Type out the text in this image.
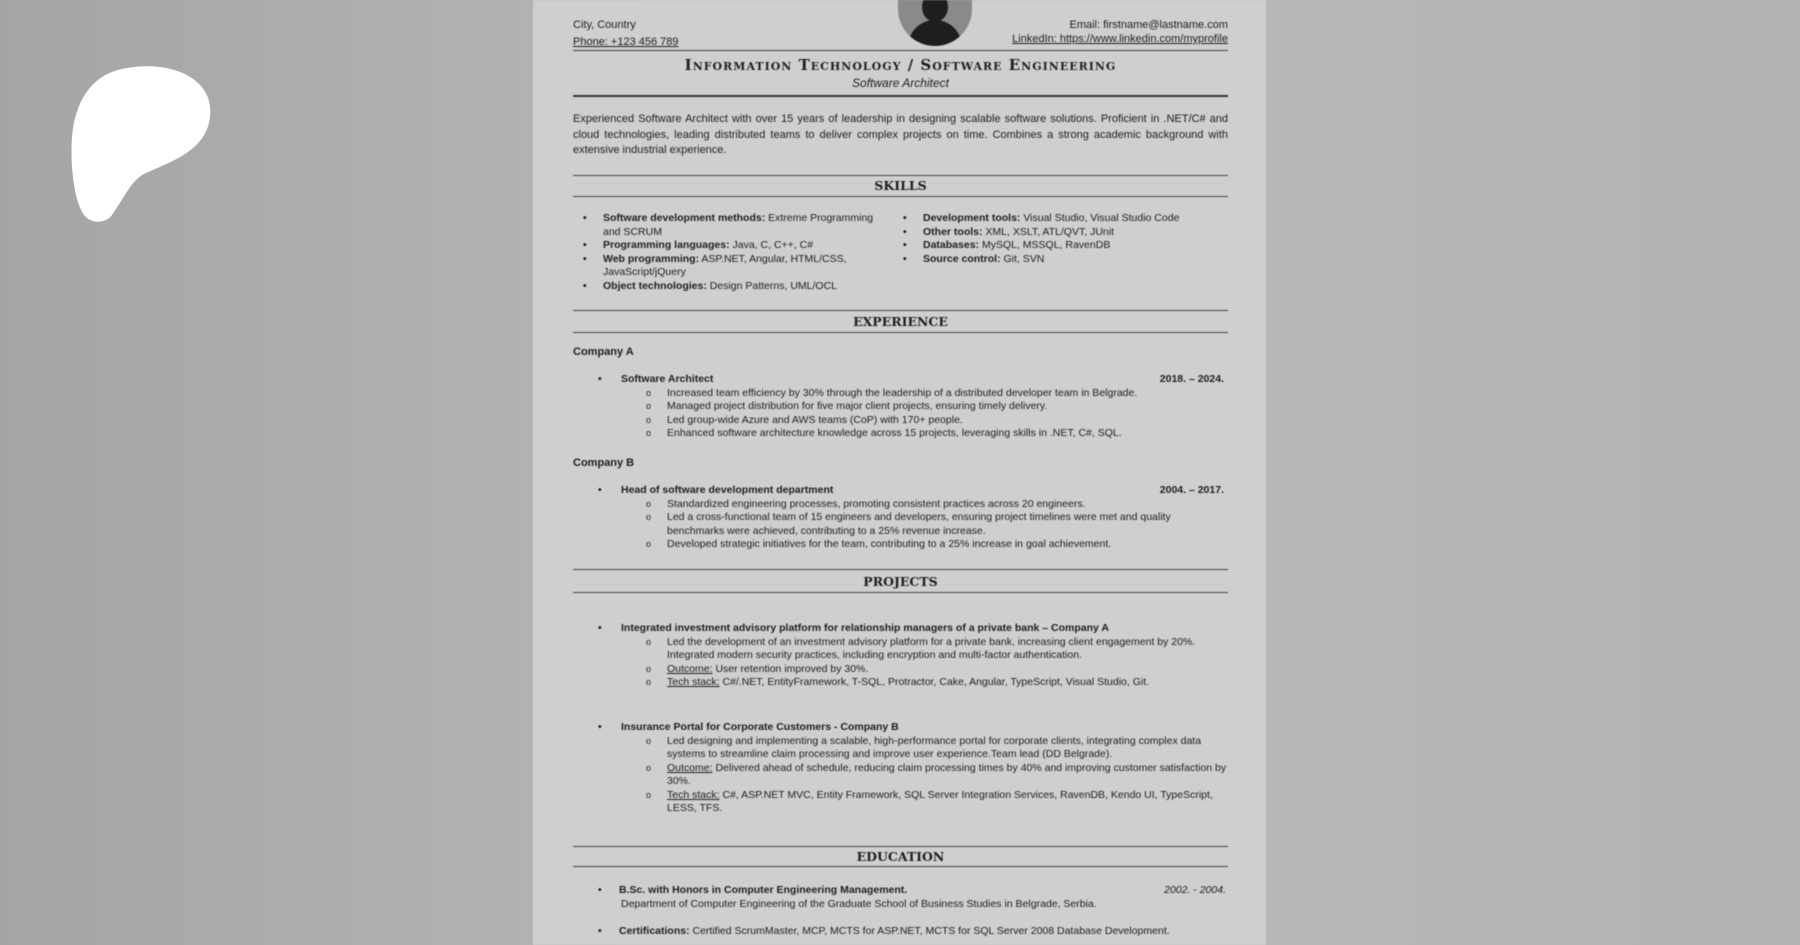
City, Country
Phone: +123 456 789
Email: firstname@lastname.com
LinkedIn: https://www.linkedin.com/myprofile
Information Technology / Software Engineering
Software Architect
Experienced Software Architect with over 15 years of leadership in designing scalable software solutions. Proficient in .NET/C# and cloud technologies, leading distributed teams to deliver complex projects on time. Combines a strong academic background with extensive industrial experience.
SKILLS
• Software development methods: Extreme Programming and SCRUM
• Programming languages: Java, C, C++, C#
• Web programming: ASP.NET, Angular, HTML/CSS, JavaScript/jQuery
• Object technologies: Design Patterns, UML/OCL
• Development tools: Visual Studio, Visual Studio Code
• Other tools: XML, XSLT, ATL/QVT, JUnit
• Databases: MySQL, MSSQL, RavenDB
• Source control: Git, SVN
EXPERIENCE
Company A
• Software Architect	2018. – 2024.
o Increased team efficiency by 30% through the leadership of a distributed developer team in Belgrade.
o Managed project distribution for five major client projects, ensuring timely delivery.
o Led group-wide Azure and AWS teams (CoP) with 170+ people.
o Enhanced software architecture knowledge across 15 projects, leveraging skills in .NET, C#, SQL.
Company B
• Head of software development department	2004. – 2017.
o Standardized engineering processes, promoting consistent practices across 20 engineers.
o Led a cross-functional team of 15 engineers and developers, ensuring project timelines were met and quality benchmarks were achieved, contributing to a 25% revenue increase.
o Developed strategic initiatives for the team, contributing to a 25% increase in goal achievement.
PROJECTS
• Integrated investment advisory platform for relationship managers of a private bank – Company A
o Led the development of an investment advisory platform for a private bank, increasing client engagement by 20%. Integrated modern security practices, including encryption and multi-factor authentication.
o Outcome: User retention improved by 30%.
o Tech stack: C#/.NET, EntityFramework, T-SQL, Protractor, Cake, Angular, TypeScript, Visual Studio, Git.
• Insurance Portal for Corporate Customers - Company B
o Led designing and implementing a scalable, high-performance portal for corporate clients, integrating complex data systems to streamline claim processing and improve user experience.Team lead (DD Belgrade).
o Outcome: Delivered ahead of schedule, reducing claim processing times by 40% and improving customer satisfaction by 30%.
o Tech stack: C#, ASP.NET MVC, Entity Framework, SQL Server Integration Services, RavenDB, Kendo UI, TypeScript, LESS, TFS.
EDUCATION
• B.Sc. with Honors in Computer Engineering Management.	2002. - 2004.
Department of Computer Engineering of the Graduate School of Business Studies in Belgrade, Serbia.
• Certifications: Certified ScrumMaster, MCP, MCTS for ASP.NET, MCTS for SQL Server 2008 Database Development.
